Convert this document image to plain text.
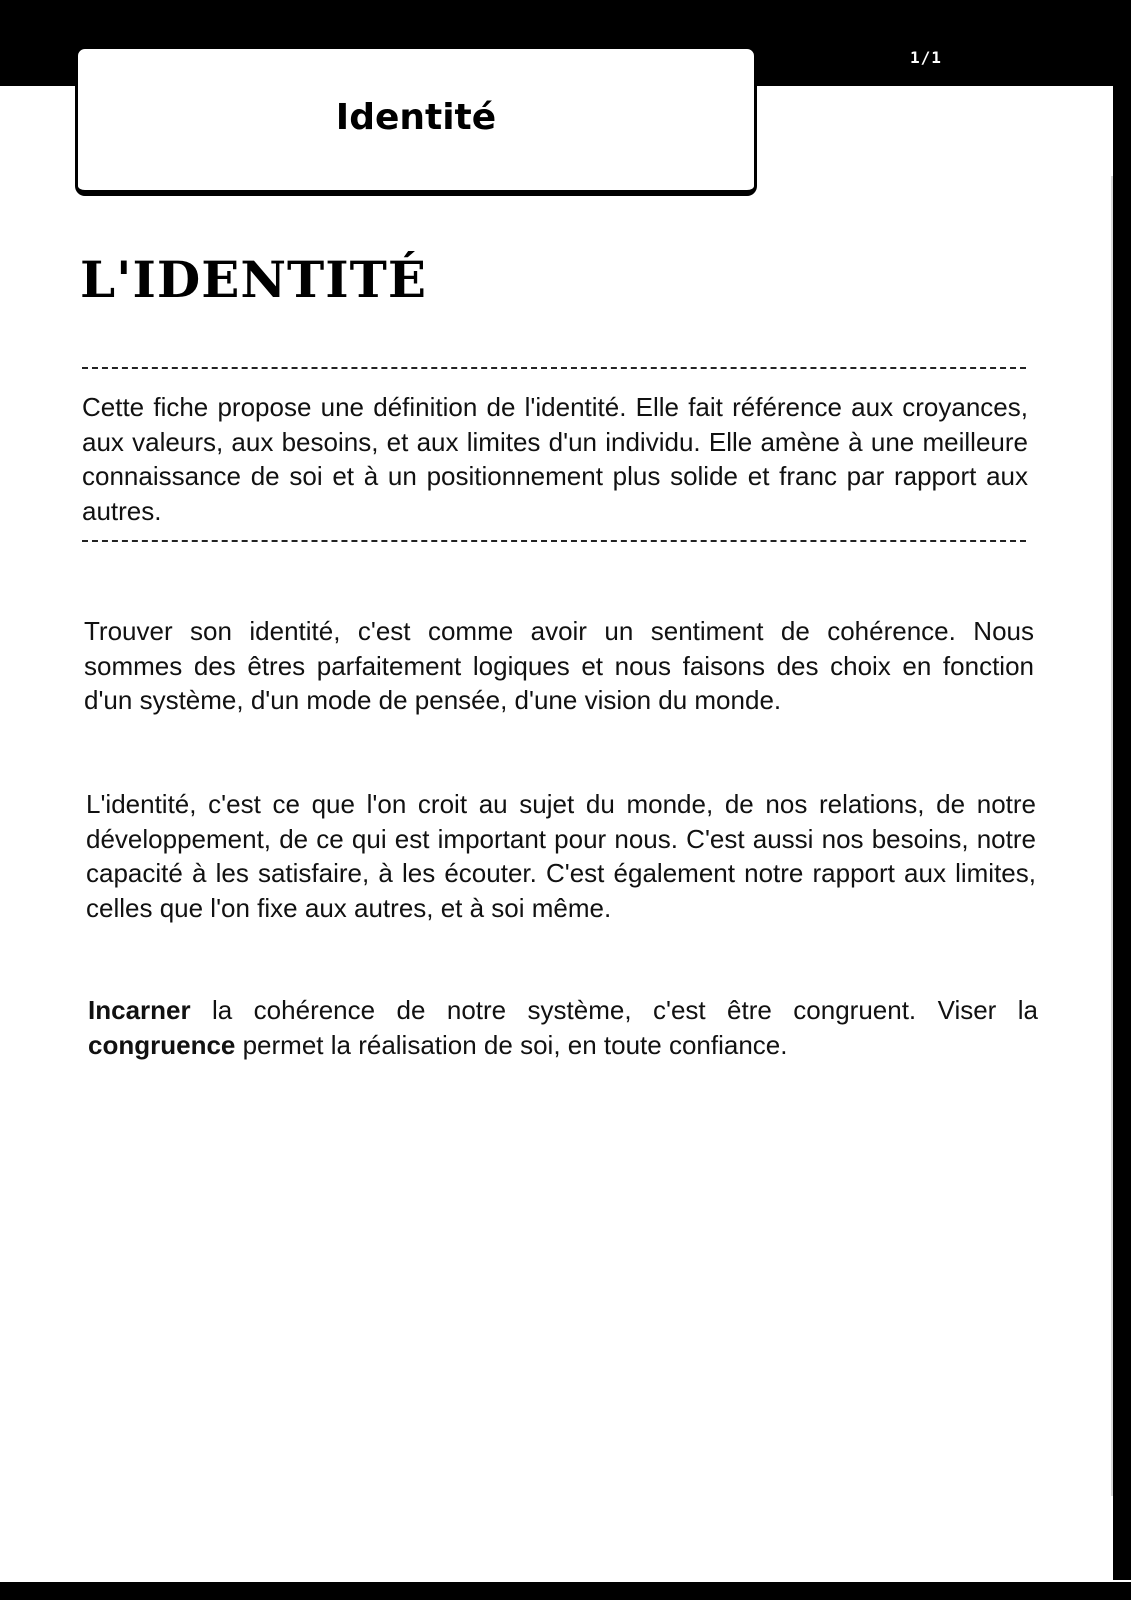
1/1
Identité
L'IDENTITÉ
Cette fiche propose une définition de l'identité. Elle fait référence aux croyances, aux valeurs, aux besoins, et aux limites d'un individu. Elle amène à une meilleure connaissance de soi et à un positionnement plus solide et franc par rapport aux autres.
Trouver son identité, c'est comme avoir un sentiment de cohérence. Nous sommes des êtres parfaitement logiques et nous faisons des choix en fonction d'un système, d'un mode de pensée, d'une vision du monde.
L'identité, c'est ce que l'on croit au sujet du monde, de nos relations, de notre développement, de ce qui est important pour nous. C'est aussi nos besoins, notre capacité à les satisfaire, à les écouter. C'est également notre rapport aux limites, celles que l'on fixe aux autres, et à soi même.
Incarner la cohérence de notre système, c'est être congruent. Viser la congruence permet la réalisation de soi, en toute confiance.
